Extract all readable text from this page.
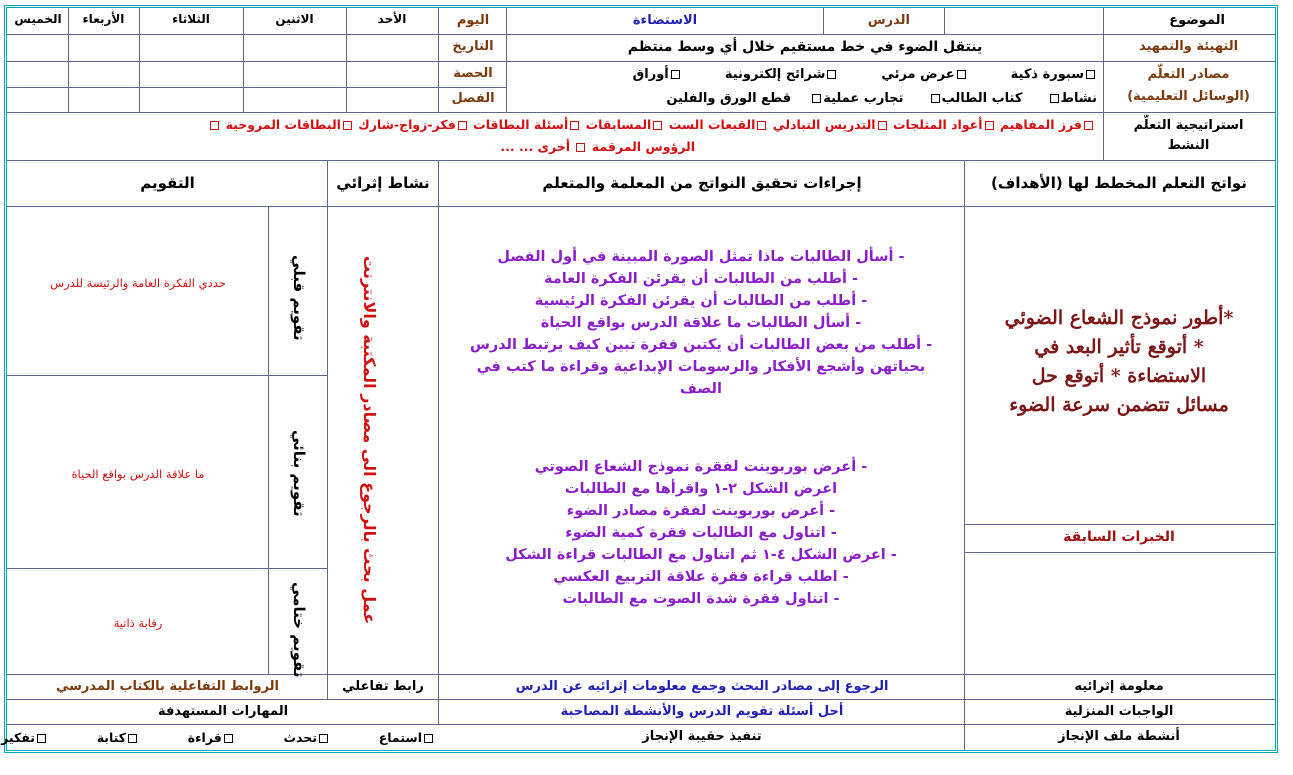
الموضوع
الدرس
الاستضاءة
اليوم
الأحد
الاثنين
الثلاثاء
الأربعاء
الخميس
التهيئة والتمهيد
ينتقل الضوء في خط مستقيم خلال أي وسط منتظم
التاريخ
مصادر التعلّم
(الوسائل التعليمية)
الحصة
الفصل
سبورة ذكية  عرض مرئي  شرائح إلكترونية  أوراق
نشاط  كتاب الطالب  تجارب عملية  قطع الورق والفلين
استراتيجية التعلّم
النشط
فرز المفاهيم أعواد المثلجات التدريس التبادلي القبعات الست المسابقات أسئلة البطاقات فكر-زواج-شارك البطاقات المروحية
الرؤوس المرقمة  أخرى ... ...
نواتج التعلم المخطط لها (الأهداف)
إجراءات تحقيق النواتج من المعلمة والمتعلم
نشاط إثرائي
التقويم
*أطور نموذج الشعاع الضوئي
* أتوقع تأثير البعد في
الاستضاءة * أتوقع حل
مسائل تتضمن سرعة الضوء
الخبرات السابقة
- أسأل الطالبات ماذا تمثل الصورة المبينة في أول الفصل
- أطلب من الطالبات أن يقرئن الفكرة العامة
- أطلب من الطالبات أن يقرئن الفكرة الرئيسية
- أسأل الطالبات ما علاقة الدرس بواقع الحياة
- أطلب من بعض الطالبات أن يكتبن فقرة تبين كيف يرتبط الدرس
بحياتهن وأشجع الأفكار والرسومات الإبداعية وقراءة ما كتب في
الصف
- أعرض بوربوينت لفقرة نموذج الشعاع الصوتي
اعرض الشكل ٢-١ واقرأها مع الطالبات
- أعرض بوربوينت لفقرة مصادر الضوء
- اتناول مع الطالبات فقرة كمية الضوء
- اعرض الشكل ٤-١ ثم اتناول مع الطالبات قراءة الشكل
- اطلب قراءة فقرة علاقة التربيع العكسي
- اتناول فقرة شدة الصوت مع الطالبات
عمل بحث بالرجوع الى مصادر المكتبة والانترنت
تقويم قبلي
تقويم بنائي
تقويم ختامي
حددي الفكرة العامة والرئيسة للدرس
ما علاقة الدرس بواقع الحياة
رقابة ذاتية
معلومة إثرائيه
الرجوع إلى مصادر البحث وجمع معلومات إثرائيه عن الدرس
رابط تفاعلي
الروابط التفاعلية بالكتاب المدرسي
الواجبات المنزلية
أحل أسئلة تقويم الدرس والأنشطة المصاحبة
المهارات المستهدفة
أنشطة ملف الإنجاز
تنفيذ حقيبة الإنجاز
استماع  تحدث  قراءة  كتابة  تفكير
